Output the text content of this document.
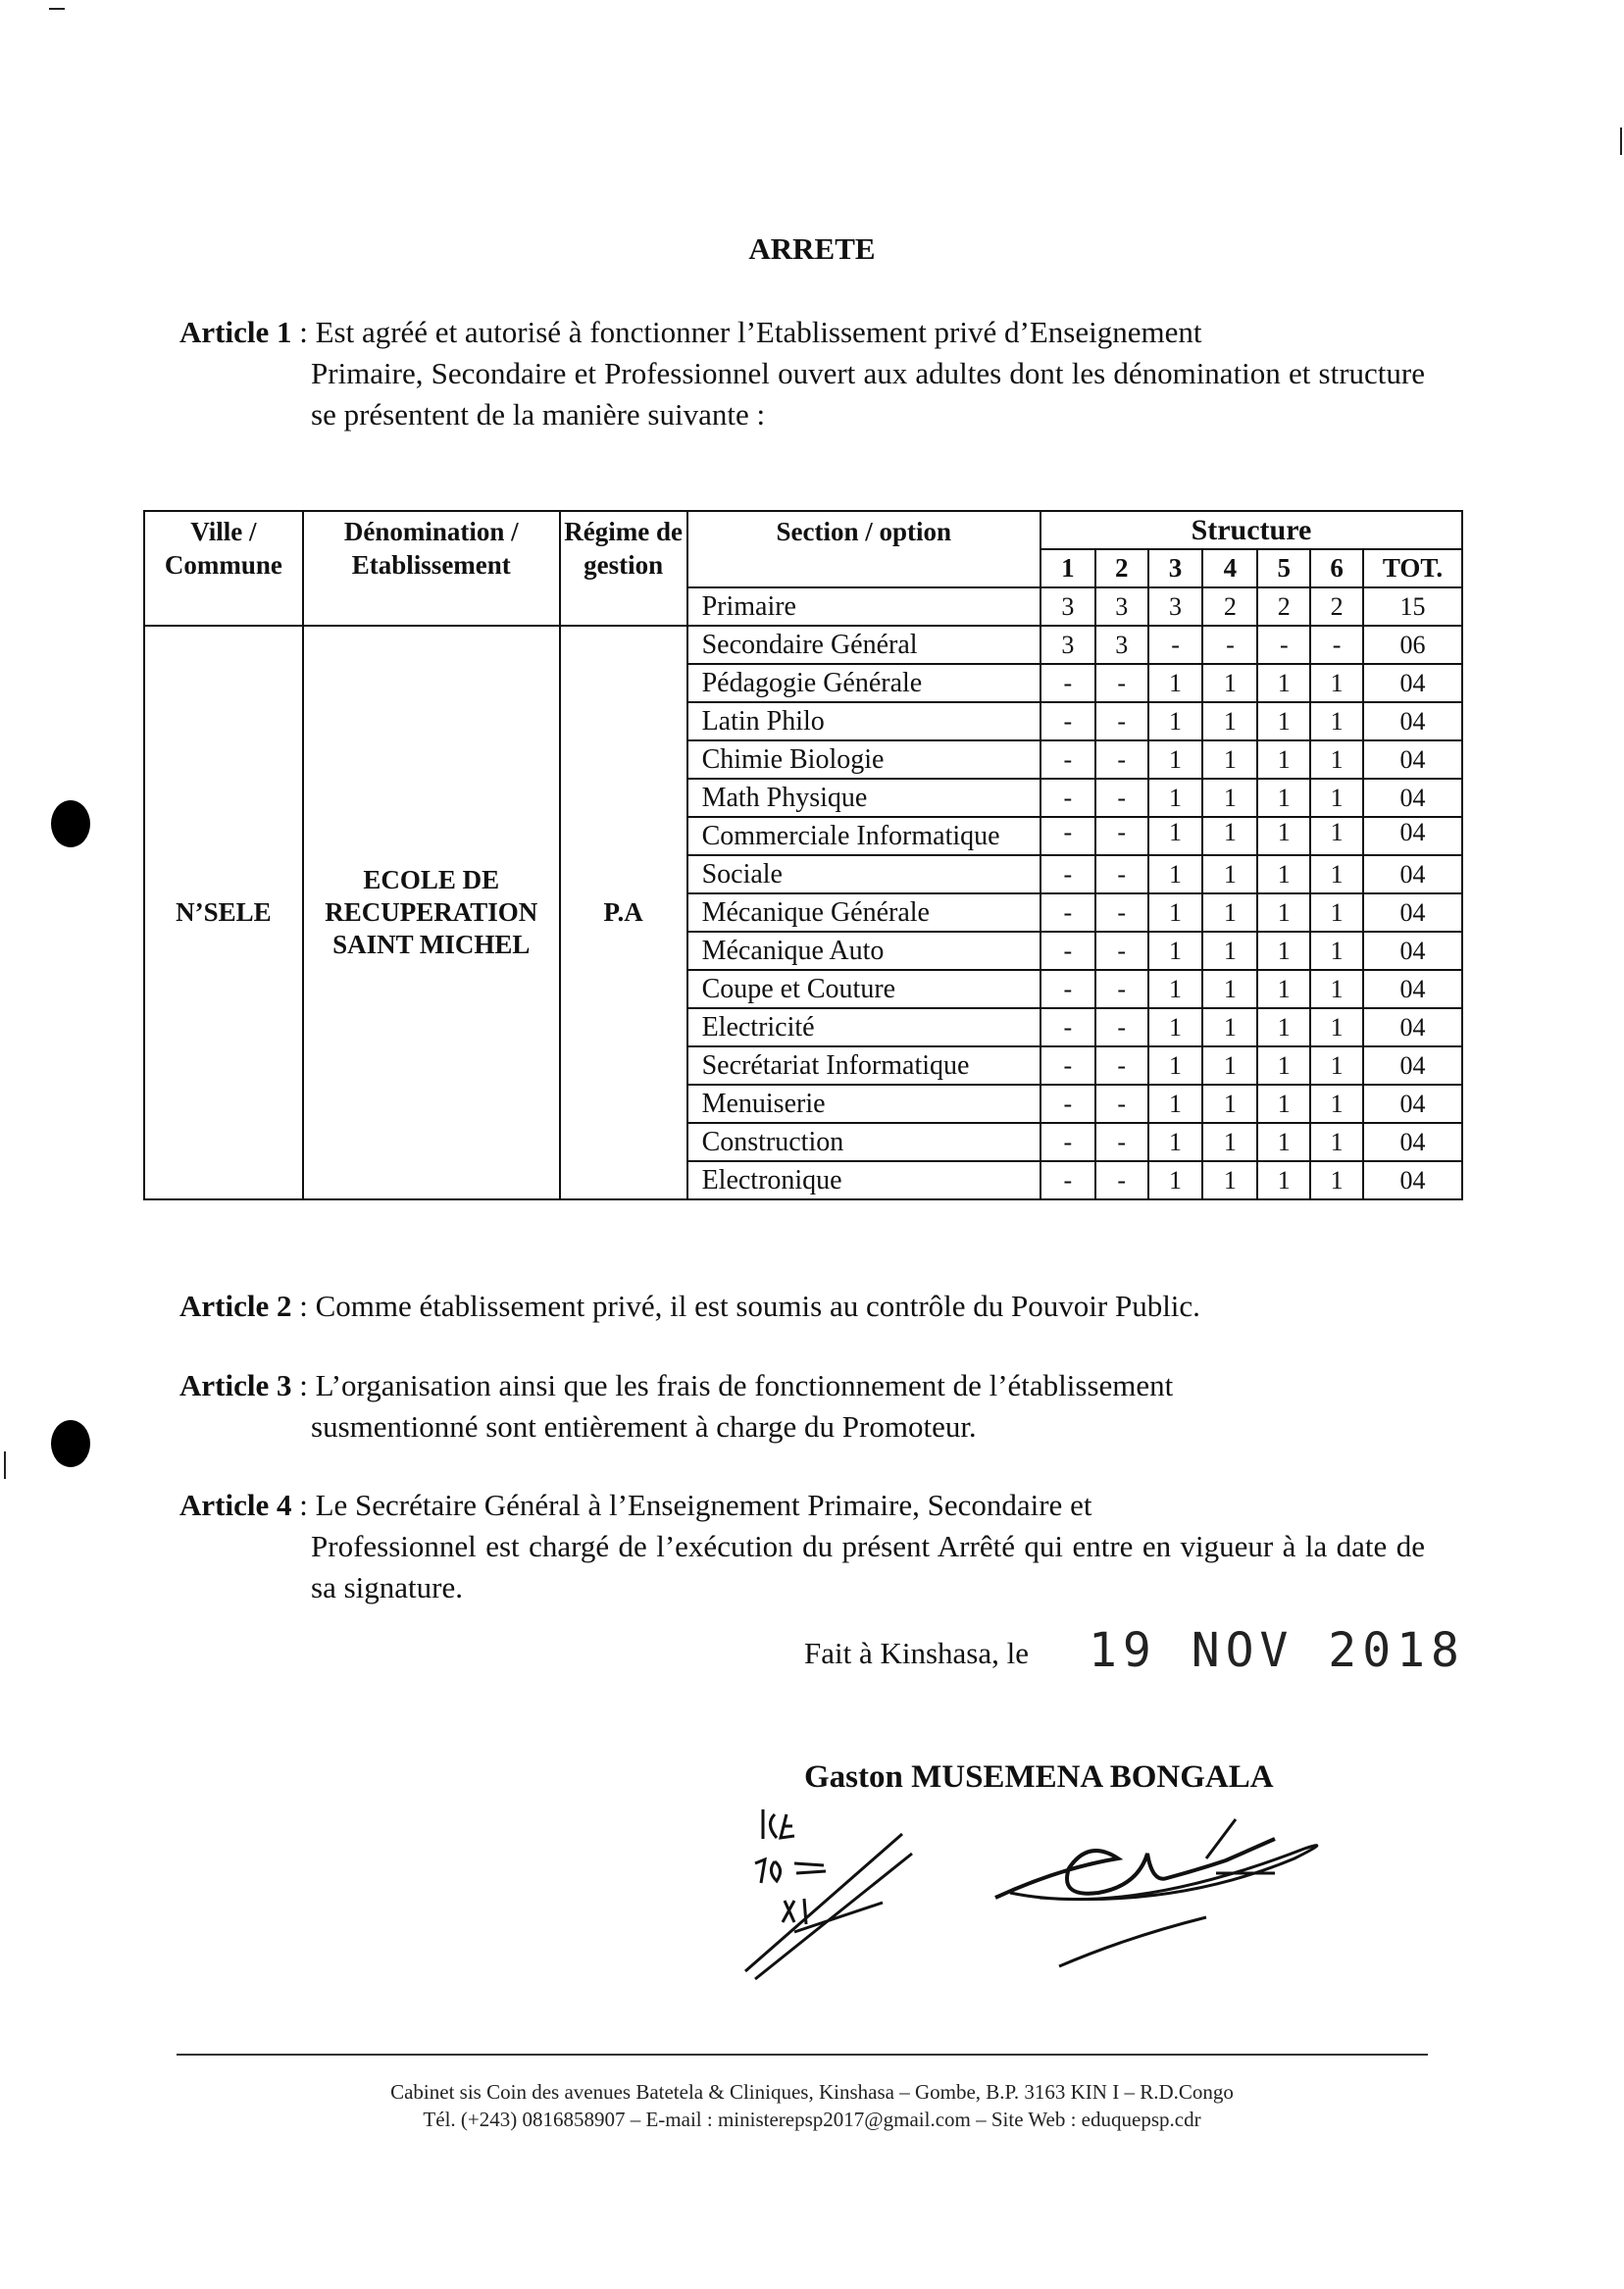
ARRETE
Article 1 : Est agréé et autorisé à fonctionner l’Etablissement privé d’Enseignement
Primaire, Secondaire et Professionnel ouvert aux adultes dont les dénomination et structure se présentent de la manière suivante :
Ville / Commune	Dénomination / Etablissement	Régime de gestion	Section / option	Structure						
				1	2	3	4	5	6	TOT.
			Primaire	3	3	3	2	2	2	15
N’SELE	ECOLE DE RECUPERATION SAINT MICHEL	P.A	Secondaire Général	3	3	-	-	-	-	06
			Pédagogie Générale	-	-	1	1	1	1	04
			Latin Philo	-	-	1	1	1	1	04
			Chimie Biologie	-	-	1	1	1	1	04
			Math Physique	-	-	1	1	1	1	04
			Commerciale Informatique	-	-	1	1	1	1	04
			Sociale	-	-	1	1	1	1	04
			Mécanique Générale	-	-	1	1	1	1	04
			Mécanique Auto	-	-	1	1	1	1	04
			Coupe et Couture	-	-	1	1	1	1	04
			Electricité	-	-	1	1	1	1	04
			Secrétariat Informatique	-	-	1	1	1	1	04
			Menuiserie	-	-	1	1	1	1	04
			Construction	-	-	1	1	1	1	04
			Electronique	-	-	1	1	1	1	04
Article 2 : Comme établissement privé, il est soumis au contrôle du Pouvoir Public.
Article 3 : L’organisation ainsi que les frais de fonctionnement de l’établissement
susmentionné sont entièrement à charge du Promoteur.
Article 4 : Le Secrétaire Général à l’Enseignement Primaire, Secondaire et
Professionnel est chargé de l’exécution du présent Arrêté qui entre en vigueur à la date de sa signature.
Fait à Kinshasa, le 19 NOV 2018
Gaston MUSEMENA BONGALA
Cabinet sis Coin des avenues Batetela & Cliniques, Kinshasa – Gombe, B.P. 3163 KIN I – R.D.Congo
Tél. (+243) 0816858907 – E-mail : ministerepsp2017@gmail.com – Site Web : eduquepsp.cdr
